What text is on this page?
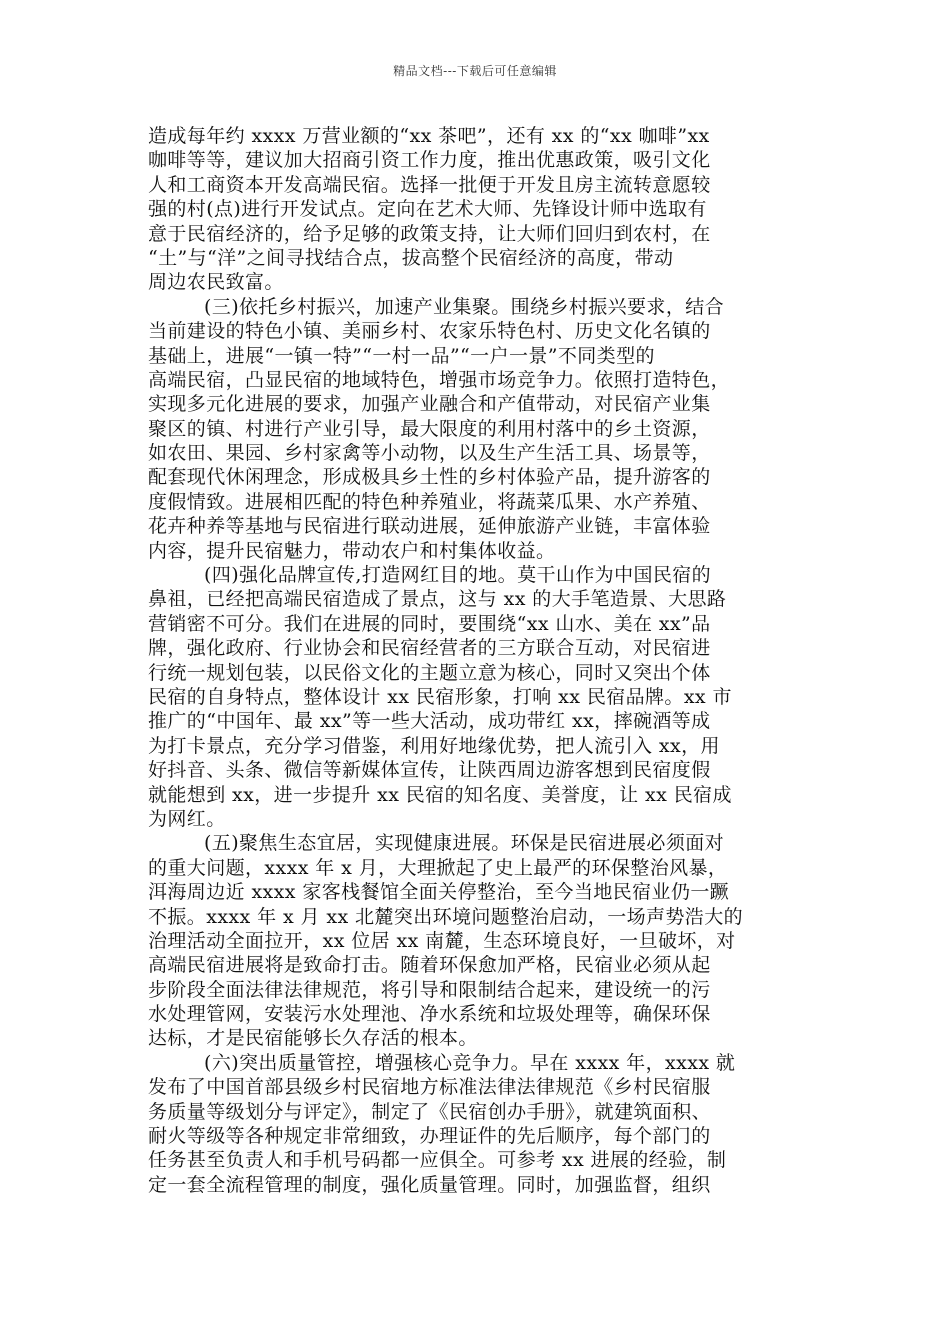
精品文档---下载后可任意编辑
造成每年约 xxxx 万营业额的“xx 茶吧”，还有 xx 的“xx 咖啡”xx
咖啡等等，建议加大招商引资工作力度，推出优惠政策，吸引文化
人和工商资本开发高端民宿。选择一批便于开发且房主流转意愿较
强的村(点)进行开发试点。定向在艺术大师、先锋设计师中选取有
意于民宿经济的，给予足够的政策支持，让大师们回归到农村，在
“土”与“洋”之间寻找结合点，拔高整个民宿经济的高度，带动
周边农民致富。
(三)依托乡村振兴，加速产业集聚。围绕乡村振兴要求，结合
当前建设的特色小镇、美丽乡村、农家乐特色村、历史文化名镇的
基础上，进展“一镇一特”“一村一品”“一户一景”不同类型的
高端民宿，凸显民宿的地域特色，增强市场竞争力。依照打造特色，
实现多元化进展的要求，加强产业融合和产值带动，对民宿产业集
聚区的镇、村进行产业引导，最大限度的利用村落中的乡土资源，
如农田、果园、乡村家禽等小动物，以及生产生活工具、场景等，
配套现代休闲理念，形成极具乡土性的乡村体验产品，提升游客的
度假情致。进展相匹配的特色种养殖业，将蔬菜瓜果、水产养殖、
花卉种养等基地与民宿进行联动进展，延伸旅游产业链，丰富体验
内容，提升民宿魅力，带动农户和村集体收益。
(四)强化品牌宣传,打造网红目的地。莫干山作为中国民宿的
鼻祖，已经把高端民宿造成了景点，这与 xx 的大手笔造景、大思路
营销密不可分。我们在进展的同时，要围绕“xx 山水、美在 xx”品
牌，强化政府、行业协会和民宿经营者的三方联合互动，对民宿进
行统一规划包装，以民俗文化的主题立意为核心，同时又突出个体
民宿的自身特点，整体设计 xx 民宿形象，打响 xx 民宿品牌。xx 市
推广的“中国年、最 xx”等一些大活动，成功带红 xx，摔碗酒等成
为打卡景点，充分学习借鉴，利用好地缘优势，把人流引入 xx，用
好抖音、头条、微信等新媒体宣传，让陕西周边游客想到民宿度假
就能想到 xx，进一步提升 xx 民宿的知名度、美誉度，让 xx 民宿成
为网红。
(五)聚焦生态宜居，实现健康进展。环保是民宿进展必须面对
的重大问题，xxxx 年 x 月，大理掀起了史上最严的环保整治风暴，
洱海周边近 xxxx 家客栈餐馆全面关停整治，至今当地民宿业仍一蹶
不振。xxxx 年 x 月 xx 北麓突出环境问题整治启动，一场声势浩大的
治理活动全面拉开，xx 位居 xx 南麓，生态环境良好，一旦破坏，对
高端民宿进展将是致命打击。随着环保愈加严格，民宿业必须从起
步阶段全面法律法律规范，将引导和限制结合起来，建设统一的污
水处理管网，安装污水处理池、净水系统和垃圾处理等，确保环保
达标，才是民宿能够长久存活的根本。
(六)突出质量管控，增强核心竞争力。早在 xxxx 年，xxxx 就
发布了中国首部县级乡村民宿地方标准法律法律规范《乡村民宿服
务质量等级划分与评定》，制定了《民宿创办手册》，就建筑面积、
耐火等级等各种规定非常细致，办理证件的先后顺序，每个部门的
任务甚至负责人和手机号码都一应俱全。可参考 xx 进展的经验，制
定一套全流程管理的制度，强化质量管理。同时，加强监督，组织
